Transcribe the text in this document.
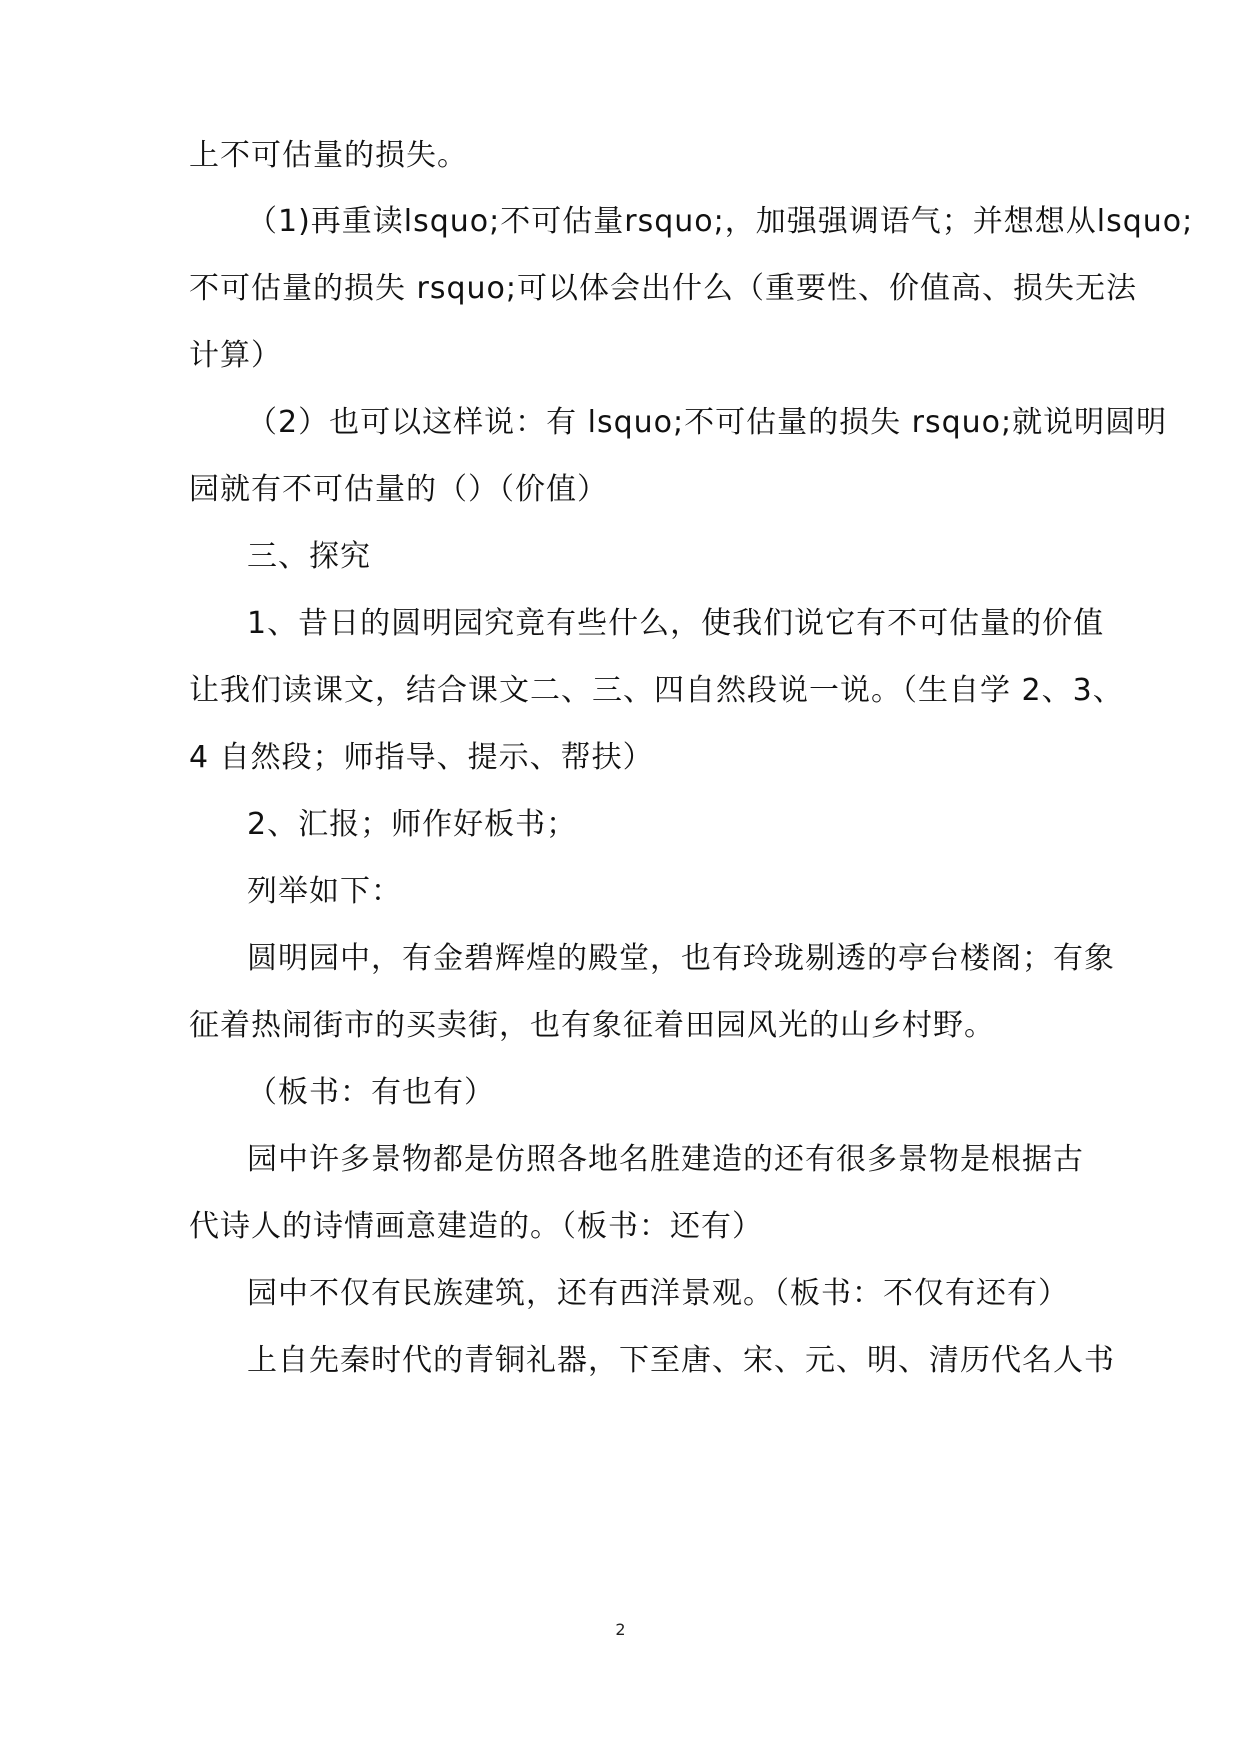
上不可估量的损失。
（1)再重读lsquo;不可估量rsquo;，加强强调语气；并想想从lsquo;
不可估量的损失 rsquo;可以体会出什么（重要性、价值高、损失无法
计算）
（2）也可以这样说：有 lsquo;不可估量的损失 rsquo;就说明圆明
园就有不可估量的（）（价值）
三、探究
1、昔日的圆明园究竟有些什么，使我们说它有不可估量的价值
让我们读课文，结合课文二、三、四自然段说一说。（生自学 2、3、
4 自然段；师指导、提示、帮扶）
2、汇报；师作好板书；
列举如下：
圆明园中，有金碧辉煌的殿堂，也有玲珑剔透的亭台楼阁；有象
征着热闹街市的买卖街，也有象征着田园风光的山乡村野。
（板书：有也有）
园中许多景物都是仿照各地名胜建造的还有很多景物是根据古
代诗人的诗情画意建造的。（板书：还有）
园中不仅有民族建筑，还有西洋景观。（板书：不仅有还有）
上自先秦时代的青铜礼器，下至唐、宋、元、明、清历代名人书
2
